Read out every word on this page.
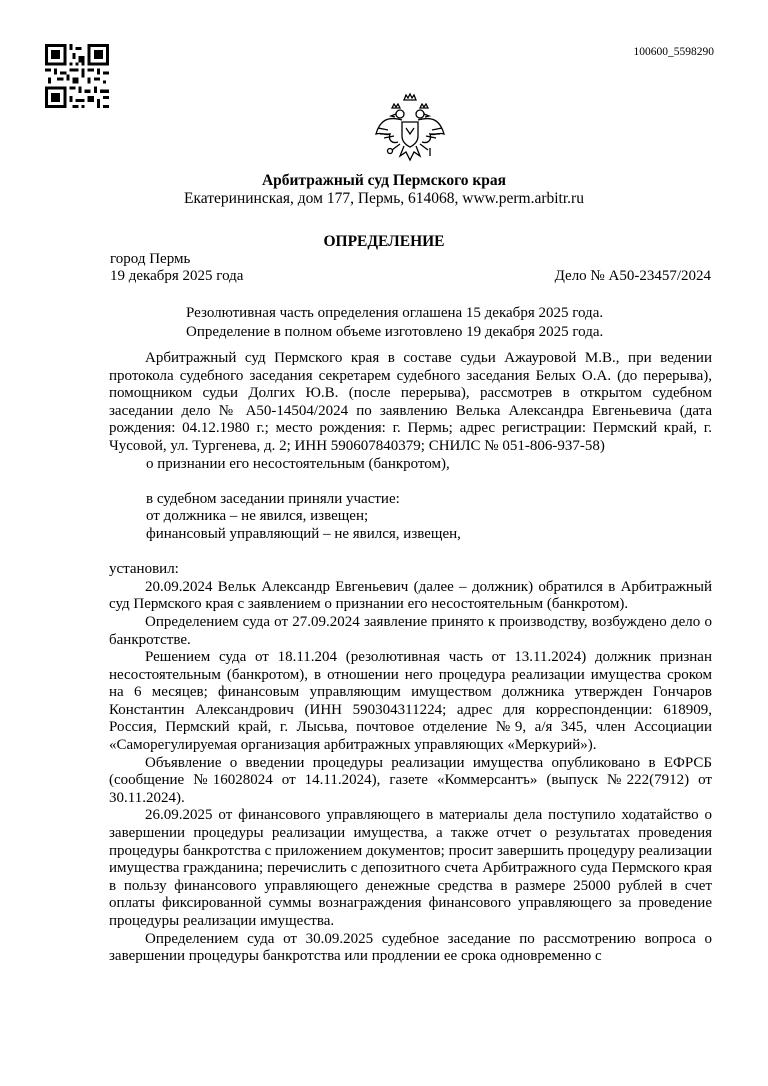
100600_5598290
Арбитражный суд Пермского края
Екатерининская, дом 177, Пермь, 614068, www.perm.arbitr.ru
ОПРЕДЕЛЕНИЕ
город Пермь
19 декабря 2025 года	Дело № А50-23457/2024
Резолютивная часть определения оглашена 15 декабря 2025 года.
Определение в полном объеме изготовлено 19 декабря 2025 года.

Арбитражный суд Пермского края в составе судьи Ажауровой М.В., при ведении протокола судебного заседания секретарем судебного заседания Белых О.А. (до перерыва), помощником судьи Долгих Ю.В. (после перерыва), рассмотрев в открытом судебном заседании дело № А50-14504/2024 по заявлению Велька Александра Евгеньевича (дата рождения: 04.12.1980 г.; место рождения: г. Пермь; адрес регистрации: Пермский край, г. Чусовой, ул. Тургенева, д. 2; ИНН 590607840379; СНИЛС № 051-806-937-58)

о признании его несостоятельным (банкротом),

в судебном заседании приняли участие:

от должника – не явился, извещен;

финансовый управляющий – не явился, извещен,

установил:

20.09.2024 Вельк Александр Евгеньевич (далее – должник) обратился в Арбитражный суд Пермского края с заявлением о признании его несостоятельным (банкротом).

Определением суда от 27.09.2024 заявление принято к производству, возбуждено дело о банкротстве.

Решением суда от 18.11.204 (резолютивная часть от 13.11.2024) должник признан несостоятельным (банкротом), в отношении него процедура реализации имущества сроком на 6 месяцев; финансовым управляющим имуществом должника утвержден Гончаров Константин Александрович (ИНН 590304311224; адрес для корреспонденции: 618909, Россия, Пермский край, г. Лысьва, почтовое отделение №9, а/я 345, член Ассоциации «Саморегулируемая организация арбитражных управляющих «Меркурий»).

Объявление о введении процедуры реализации имущества опубликовано в ЕФРСБ (сообщение №16028024 от 14.11.2024), газете «Коммерсантъ» (выпуск №222(7912) от 30.11.2024).

26.09.2025 от финансового управляющего в материалы дела поступило ходатайство о завершении процедуры реализации имущества, а также отчет о результатах проведения процедуры банкротства с приложением документов; просит завершить процедуру реализации имущества гражданина; перечислить с депозитного счета Арбитражного суда Пермского края в пользу финансового управляющего денежные средства в размере 25000 рублей в счет оплаты фиксированной суммы вознаграждения финансового управляющего за проведение процедуры реализации имущества.

Определением суда от 30.09.2025 судебное заседание по рассмотрению вопроса о завершении процедуры банкротства или продлении ее срока одновременно с
